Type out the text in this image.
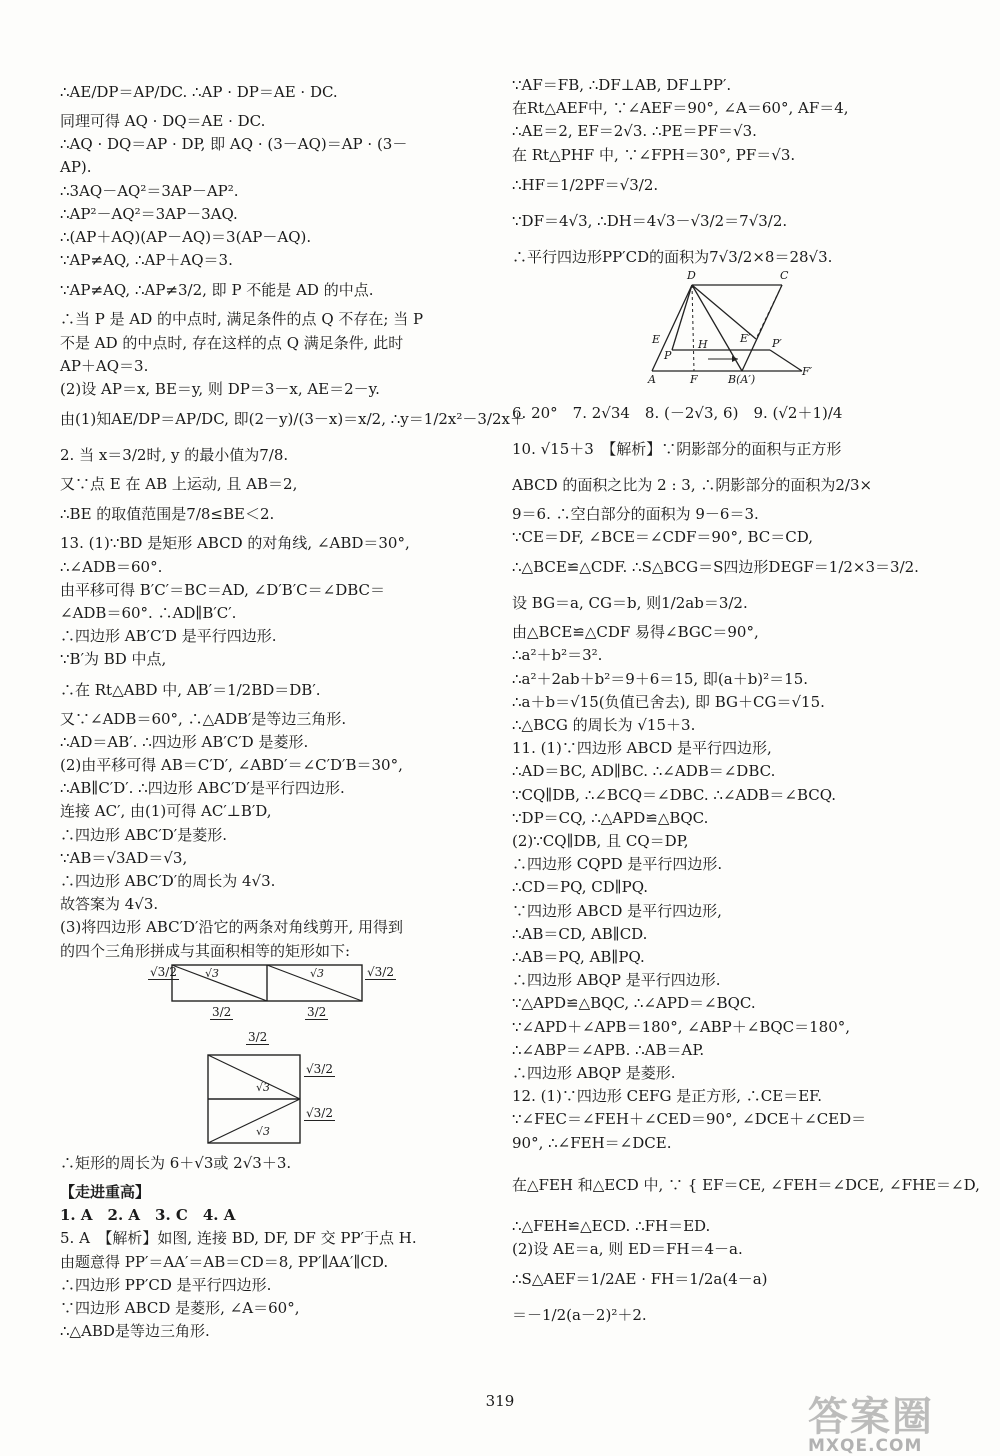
∴AE/DP＝AP/DC. ∴AP · DP＝AE · DC.
同理可得 AQ · DQ＝AE · DC.
∴AQ · DQ＝AP · DP, 即 AQ · (3－AQ)＝AP · (3－
AP).
∴3AQ－AQ²＝3AP－AP².
∴AP²－AQ²＝3AP－3AQ.
∴(AP＋AQ)(AP－AQ)＝3(AP－AQ).
∵AP≠AQ, ∴AP＋AQ＝3.
∵AP≠AQ, ∴AP≠3/2, 即 P 不能是 AD 的中点.
∴当 P 是 AD 的中点时, 满足条件的点 Q 不存在; 当 P
不是 AD 的中点时, 存在这样的点 Q 满足条件, 此时
AP＋AQ＝3.
(2)设 AP＝x, BE＝y, 则 DP＝3－x, AE＝2－y.
由(1)知AE/DP＝AP/DC, 即(2－y)/(3－x)＝x/2, ∴y＝1/2x²－3/2x＋
2. 当 x＝3/2时, y 的最小值为7/8.
又∵点 E 在 AB 上运动, 且 AB＝2,
∴BE 的取值范围是7/8≤BE＜2.
13. (1)∵BD 是矩形 ABCD 的对角线, ∠ABD＝30°,
∴∠ADB＝60°.
由平移可得 B′C′＝BC＝AD, ∠D′B′C＝∠DBC＝
∠ADB＝60°. ∴AD∥B′C′.
∴四边形 AB′C′D 是平行四边形.
∵B′为 BD 中点,
∴在 Rt△ABD 中, AB′＝1/2BD＝DB′.
又∵∠ADB＝60°, ∴△ADB′是等边三角形.
∴AD＝AB′. ∴四边形 AB′C′D 是菱形.
(2)由平移可得 AB＝C′D′, ∠ABD′＝∠C′D′B＝30°,
∴AB∥C′D′. ∴四边形 ABC′D′是平行四边形.
连接 AC′, 由(1)可得 AC′⊥B′D,
∴四边形 ABC′D′是菱形.
∵AB＝√3AD＝√3,
∴四边形 ABC′D′的周长为 4√3.
故答案为 4√3.
(3)将四边形 ABC′D′沿它的两条对角线剪开, 用得到
的四个三角形拼成与其面积相等的矩形如下:
√3/2	√3	√3	√3/2
3/2	3/2
3/2
√3/2
√3/2
√3
√3
∴矩形的周长为 6＋√3或 2√3＋3.
【走进重高】
1. A　2. A　3. C　4. A
5. A　【解析】如图, 连接 BD, DF, DF 交 PP′于点 H.
由题意得 PP′＝AA′＝AB＝CD＝8, PP′∥AA′∥CD.
∴四边形 PP′CD 是平行四边形.
∵四边形 ABCD 是菱形, ∠A＝60°,
∴△ABD是等边三角形.
∵AF＝FB, ∴DF⊥AB, DF⊥PP′.
在Rt△AEF中, ∵∠AEF＝90°, ∠A＝60°, AF＝4,
∴AE＝2, EF＝2√3. ∴PE＝PF＝√3.
在 Rt△PHF 中, ∵∠FPH＝30°, PF＝√3.
∴HF＝1/2PF＝√3/2.
∵DF＝4√3, ∴DH＝4√3－√3/2＝7√3/2.
∴平行四边形PP′CD的面积为7√3/2×8＝28√3.
D	C
E	H	E′
P
P′
A	F	B(A′)
F′
6. 20°　7. 2√34　8. (－2√3, 6)　9. (√2＋1)/4
10. √15＋3　【解析】∵阴影部分的面积与正方形
ABCD 的面积之比为 2 : 3, ∴阴影部分的面积为2/3×
9＝6. ∴空白部分的面积为 9－6＝3.
∵CE＝DF, ∠BCE＝∠CDF＝90°, BC＝CD,
∴△BCE≌△CDF. ∴S△BCG＝S四边形DEGF＝1/2×3＝3/2.
设 BG＝a, CG＝b, 则1/2ab＝3/2.
由△BCE≌△CDF 易得∠BGC＝90°,
∴a²＋b²＝3².
∴a²＋2ab＋b²＝9＋6＝15, 即(a＋b)²＝15.
∴a＋b＝√15(负值已舍去), 即 BG＋CG＝√15.
∴△BCG 的周长为 √15＋3.
11. (1)∵四边形 ABCD 是平行四边形,
∴AD＝BC, AD∥BC. ∴∠ADB＝∠DBC.
∵CQ∥DB, ∴∠BCQ＝∠DBC. ∴∠ADB＝∠BCQ.
∵DP＝CQ, ∴△APD≌△BQC.
(2)∵CQ∥DB, 且 CQ＝DP,
∴四边形 CQPD 是平行四边形.
∴CD＝PQ, CD∥PQ.
∵四边形 ABCD 是平行四边形,
∴AB＝CD, AB∥CD.
∴AB＝PQ, AB∥PQ.
∴四边形 ABQP 是平行四边形.
∵△APD≌△BQC, ∴∠APD＝∠BQC.
∵∠APD＋∠APB＝180°, ∠ABP＋∠BQC＝180°,
∴∠ABP＝∠APB. ∴AB＝AP.
∴四边形 ABQP 是菱形.
12. (1)∵四边形 CEFG 是正方形, ∴CE＝EF.
∵∠FEC＝∠FEH＋∠CED＝90°, ∠DCE＋∠CED＝
90°, ∴∠FEH＝∠DCE.
在△FEH 和△ECD 中, ∵ { EF＝CE, ∠FEH＝∠DCE, ∠FHE＝∠D,
∴△FEH≌△ECD. ∴FH＝ED.
(2)设 AE＝a, 则 ED＝FH＝4－a.
∴S△AEF＝1/2AE · FH＝1/2a(4－a)
＝－1/2(a－2)²＋2.
319	答案圈
MXQE.COM
